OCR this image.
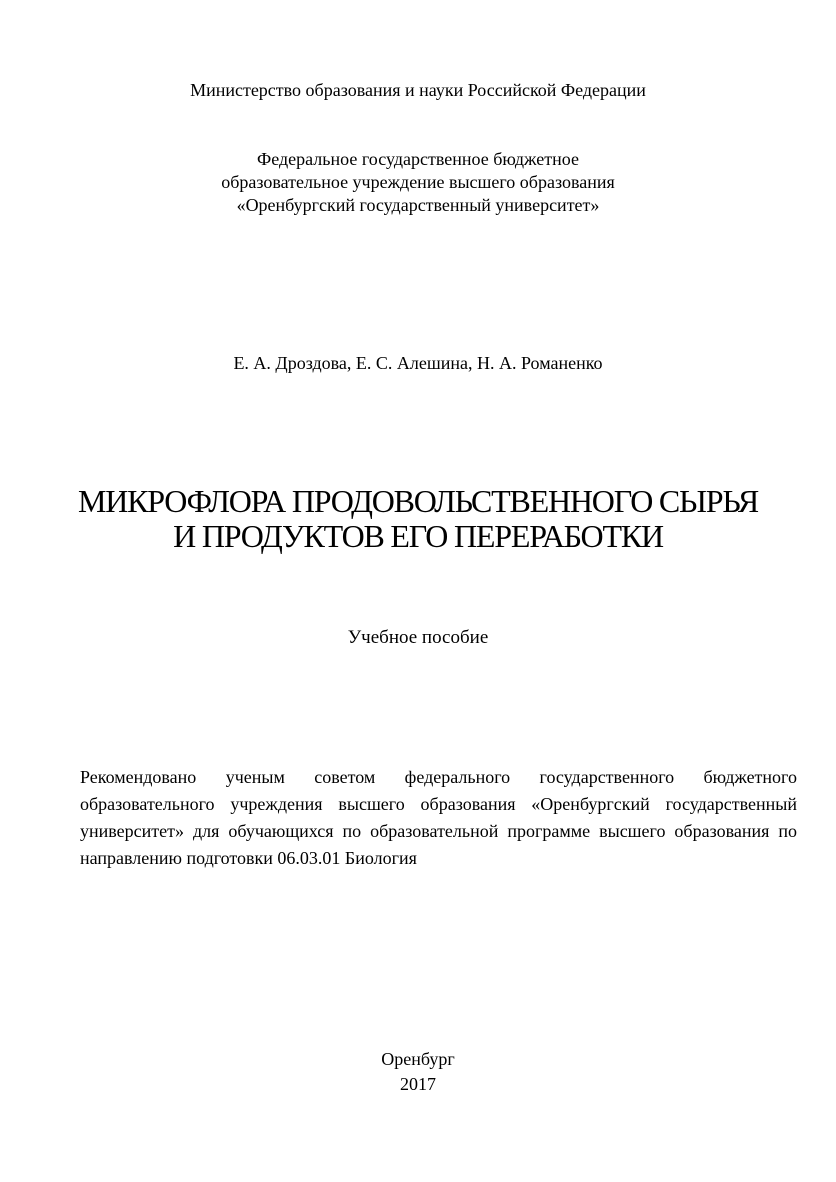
Министерство образования и науки Российской Федерации
Федеральное государственное бюджетное
образовательное учреждение высшего образования
«Оренбургский государственный университет»
Е. А. Дроздова, Е. С. Алешина, Н. А. Романенко
МИКРОФЛОРА ПРОДОВОЛЬСТВЕННОГО СЫРЬЯ
И ПРОДУКТОВ ЕГО ПЕРЕРАБОТКИ
Учебное пособие
Рекомендовано ученым советом федерального государственного бюджетного образовательного учреждения высшего образования «Оренбургский государственный университет» для обучающихся по образовательной программе высшего образования по направлению подготовки 06.03.01 Биология
Оренбург
2017
